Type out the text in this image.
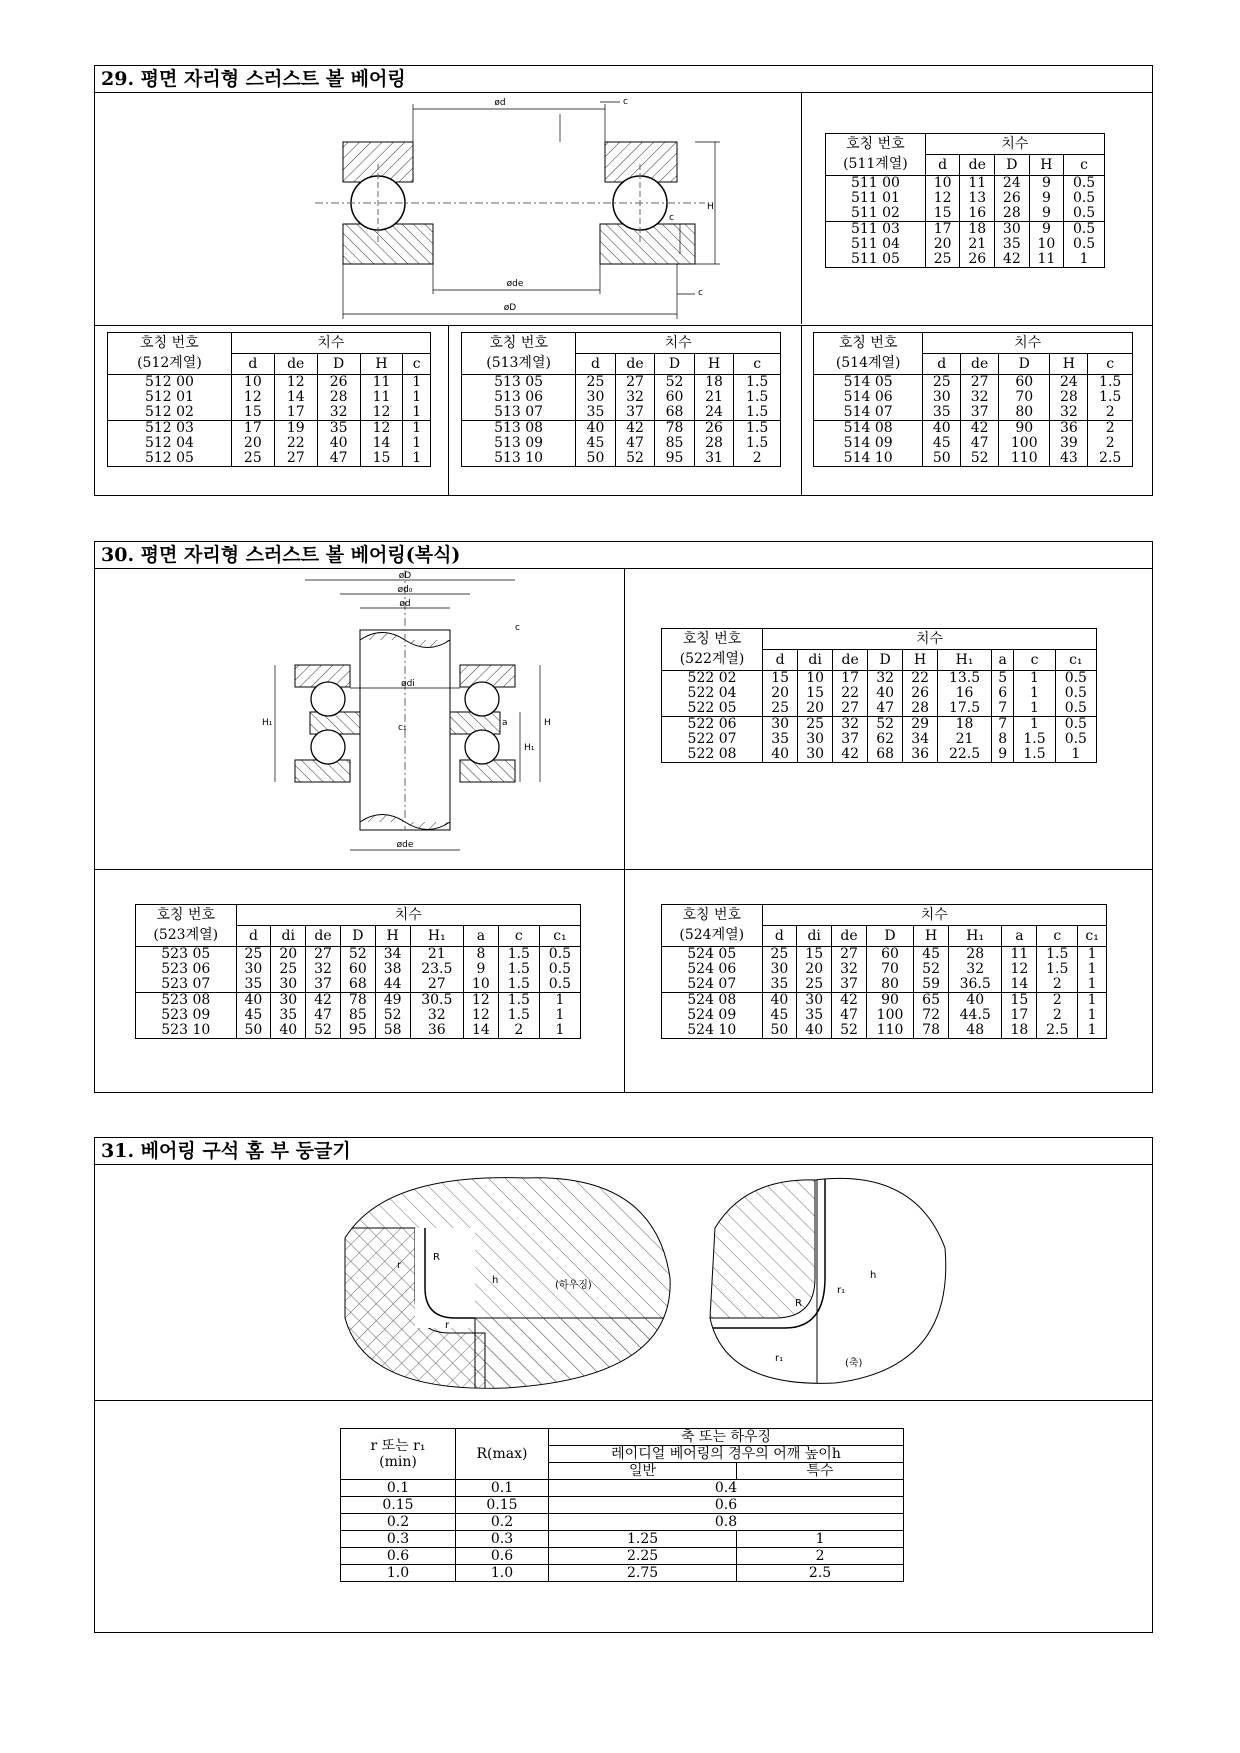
29. 평면 자리형 스러스트 볼 베어링
ød	c
H
øde
øD
c
c
호칭 번호	치수				
(511계열)	d	de	D	H	c
511 00	10	11	24	9	0.5
511 01	12	13	26	9	0.5
511 02	15	16	28	9	0.5
511 03	17	18	30	9	0.5
511 04	20	21	35	10	0.5
511 05	25	26	42	11	1
호칭 번호	치수				
(512계열)	d	de	D	H	c
512 00	10	12	26	11	1
512 01	12	14	28	11	1
512 02	15	17	32	12	1
512 03	17	19	35	12	1
512 04	20	22	40	14	1
512 05	25	27	47	15	1
호칭 번호	치수				
(513계열)	d	de	D	H	c
513 05	25	27	52	18	1.5
513 06	30	32	60	21	1.5
513 07	35	37	68	24	1.5
513 08	40	42	78	26	1.5
513 09	45	47	85	28	1.5
513 10	50	52	95	31	2
호칭 번호	치수				
(514계열)	d	de	D	H	c
514 05	25	27	60	24	1.5
514 06	30	32	70	28	1.5
514 07	35	37	80	32	2
514 08	40	42	90	36	2
514 09	45	47	100	39	2
514 10	50	52	110	43	2.5
30. 평면 자리형 스러스트 볼 베어링(복식)
øD
ød₀
ød
ødi
øde
H₁	H
H₁
a
c
c₁
호칭 번호	치수								
(522계열)	d	di	de	D	H	H₁	a	c	c₁
522 02	15	10	17	32	22	13.5	5	1	0.5
522 04	20	15	22	40	26	16	6	1	0.5
522 05	25	20	27	47	28	17.5	7	1	0.5
522 06	30	25	32	52	29	18	7	1	0.5
522 07	35	30	37	62	34	21	8	1.5	0.5
522 08	40	30	42	68	36	22.5	9	1.5	1
호칭 번호	치수								
(523계열)	d	di	de	D	H	H₁	a	c	c₁
523 05	25	20	27	52	34	21	8	1.5	0.5
523 06	30	25	32	60	38	23.5	9	1.5	0.5
523 07	35	30	37	68	44	27	10	1.5	0.5
523 08	40	30	42	78	49	30.5	12	1.5	1
523 09	45	35	47	85	52	32	12	1.5	1
523 10	50	40	52	95	58	36	14	2	1
호칭 번호	치수								
(524계열)	d	di	de	D	H	H₁	a	c	c₁
524 05	25	15	27	60	45	28	11	1.5	1
524 06	30	20	32	70	52	32	12	1.5	1
524 07	35	25	37	80	59	36.5	14	2	1
524 08	40	30	42	90	65	40	15	2	1
524 09	45	35	47	100	72	44.5	17	2	1
524 10	50	40	52	110	78	48	18	2.5	1
31. 베어링 구석 홈 부 둥글기
r
R
h
r
(하우징)
R
r₁
h
r₁	(축)
r 또는 r₁
(min)	R(max)	축 또는 하우징	
		레이디얼 베어링의 경우의 어깨 높이h	
		일반	특수
0.1	0.1	0.4	
0.15	0.15	0.6	
0.2	0.2	0.8	
0.3	0.3	1.25	1
0.6	0.6	2.25	2
1.0	1.0	2.75	2.5
